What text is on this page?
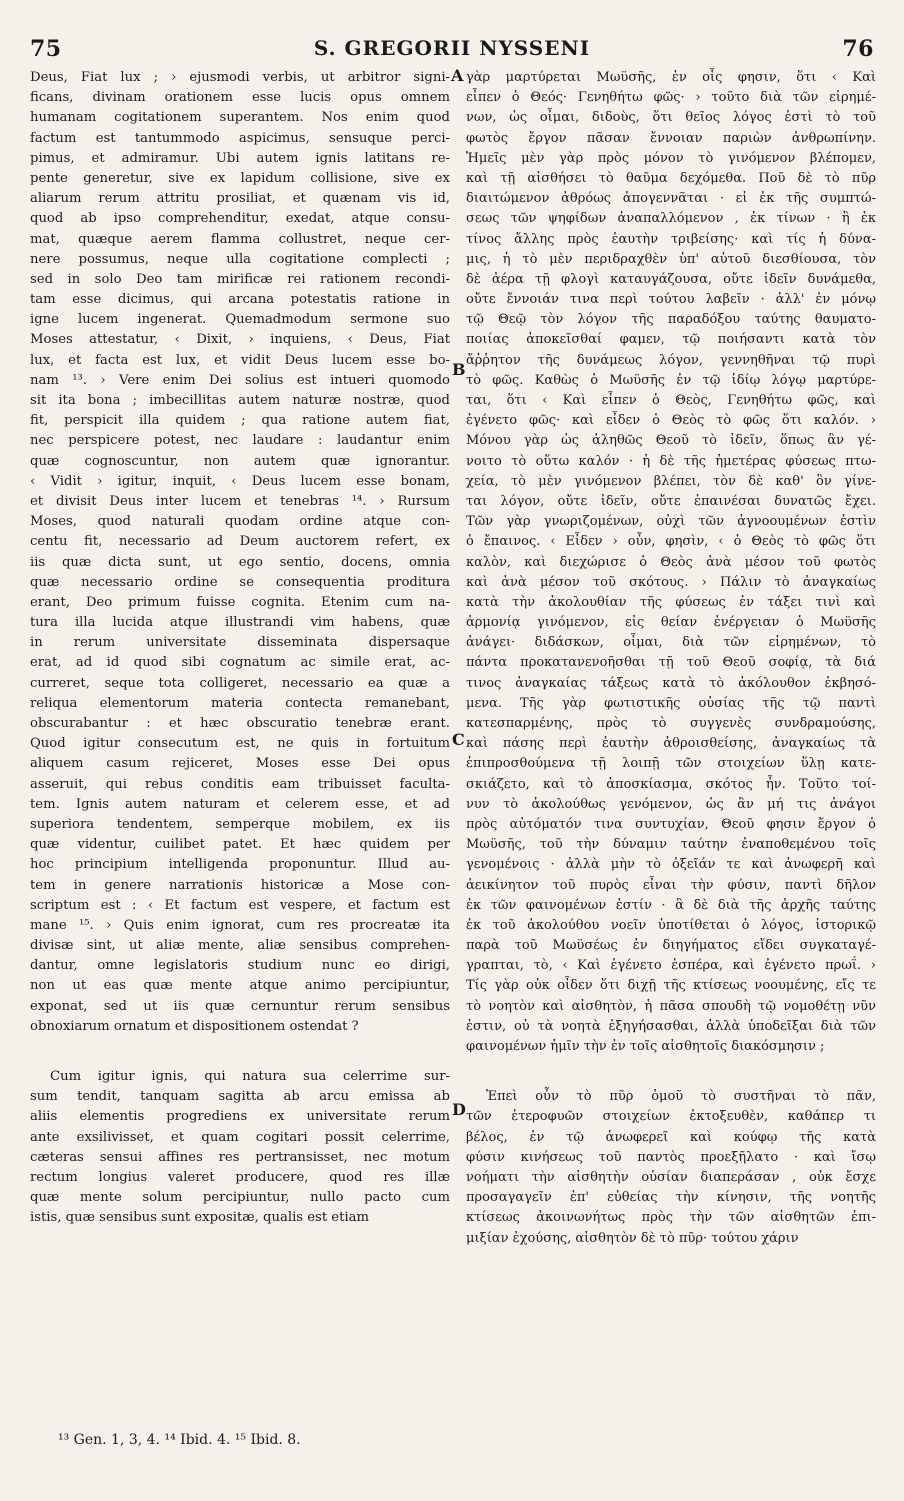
75	S. GREGORII NYSSENI	76
Deus, Fiat lux ; › ejusmodi verbis, ut arbitror signi-
ficans, divinam orationem esse lucis opus omnem
humanam cogitationem superantem. Nos enim quod
factum est tantummodo aspicimus, sensuque perci-
pimus, et admiramur. Ubi autem ignis latitans re-
pente generetur, sive ex lapidum collisione, sive ex
aliarum rerum attritu prosiliat, et quænam vis id,
quod ab ipso comprehenditur, exedat, atque consu-
mat, quæque aerem flamma collustret, neque cer-
nere possumus, neque ulla cogitatione complecti ;
sed in solo Deo tam mirificæ rei rationem recondi-
tam esse dicimus, qui arcana potestatis ratione in
igne lucem ingenerat. Quemadmodum sermone suo
Moses attestatur, ‹ Dixit, › inquiens, ‹ Deus, Fiat
lux, et facta est lux, et vidit Deus lucem esse bo-
nam ¹³. › Vere enim Dei solius est intueri quomodo
sit ita bona ; imbecillitas autem naturæ nostræ, quod
fit, perspicit illa quidem ; qua ratione autem fiat,
nec perspicere potest, nec laudare : laudantur enim
quæ cognoscuntur, non autem quæ ignorantur.
‹ Vidit › igitur, inquit, ‹ Deus lucem esse bonam,
et divisit Deus inter lucem et tenebras ¹⁴. › Rursum
Moses, quod naturali quodam ordine atque con-
centu fit, necessario ad Deum auctorem refert, ex
iis quæ dicta sunt, ut ego sentio, docens, omnia
quæ necessario ordine se consequentia proditura
erant, Deo primum fuisse cognita. Etenim cum na-
tura illa lucida atque illustrandi vim habens, quæ
in rerum universitate disseminata dispersaque
erat, ad id quod sibi cognatum ac simile erat, ac-
curreret, seque tota colligeret, necessario ea quæ a
reliqua elementorum materia contecta remanebant,
obscurabantur : et hæc obscuratio tenebræ erant.
Quod igitur consecutum est, ne quis in fortuitum
aliquem casum rejiceret, Moses esse Dei opus
asseruit, qui rebus conditis eam tribuisset faculta-
tem. Ignis autem naturam et celerem esse, et ad
superiora tendentem, semperque mobilem, ex iis
quæ videntur, cuilibet patet. Et hæc quidem per
hoc principium intelligenda proponuntur. Illud au-
tem in genere narrationis historicæ a Mose con-
scriptum est : ‹ Et factum est vespere, et factum est
mane ¹⁵. › Quis enim ignorat, cum res procreatæ ita
divisæ sint, ut aliæ mente, aliæ sensibus comprehen-
dantur, omne legislatoris studium nunc eo dirigi,
non ut eas quæ mente atque animo percipiuntur,
exponat, sed ut iis quæ cernuntur rerum sensibus
obnoxiarum ornatum et dispositionem ostendat ?
Cum igitur ignis, qui natura sua celerrime sur-
sum tendit, tanquam sagitta ab arcu emissa ab
aliis elementis progrediens ex universitate rerum
ante exsilivisset, et quam cogitari possit celerrime,
cæteras sensui affines res pertransisset, nec motum
rectum longius valeret producere, quod res illæ
quæ mente solum percipiuntur, nullo pacto cum
istis, quæ sensibus sunt expositæ, qualis est etiam
γὰρ μαρτύρεται Μωϋσῆς, ἐν οἷς φησιν, ὅτι ‹ Καὶ
εἶπεν ὁ Θεός· Γενηθήτω φῶς· › τοῦτο διὰ τῶν εἰρημέ-
νων, ὡς οἶμαι, διδοὺς, ὅτι θεῖος λόγος ἐστὶ τὸ τοῦ
φωτὸς ἔργον πᾶσαν ἔννοιαν παριὼν ἀνθρωπίνην.
Ἡμεῖς μὲν γὰρ πρὸς μόνον τὸ γινόμενον βλέπομεν,
καὶ τῇ αἰσθήσει τὸ θαῦμα δεχόμεθα. Ποῦ δὲ τὸ πῦρ
διαιτώμενον ἀθρόως ἀπογεννᾶται · εἰ ἐκ τῆς συμπτώ-
σεως τῶν ψηφίδων ἀναπαλλόμενον , ἐκ τίνων · ἢ ἐκ
τίνος ἄλλης πρὸς ἑαυτὴν τριβείσης· καὶ τίς ἡ δύνα-
μις, ἡ τὸ μὲν περιδραχθὲν ὑπ' αὐτοῦ διεσθίουσα, τὸν
δὲ ἀέρα τῇ φλογὶ καταυγάζουσα, οὔτε ἰδεῖν δυνάμεθα,
οὔτε ἔννοιάν τινα περὶ τούτου λαβεῖν · ἀλλ' ἐν μόνῳ
τῷ Θεῷ τὸν λόγον τῆς παραδόξου ταύτης θαυματο-
ποιίας ἀποκεῖσθαί φαμεν, τῷ ποιήσαντι κατὰ τὸν
ἄῤῥητον τῆς δυνάμεως λόγον, γεννηθῆναι τῷ πυρὶ
τὸ φῶς. Καθὼς ὁ Μωϋσῆς ἐν τῷ ἰδίῳ λόγῳ μαρτύρε-
ται, ὅτι ‹ Καὶ εἶπεν ὁ Θεὸς, Γενηθήτω φῶς, καὶ
ἐγένετο φῶς· καὶ εἶδεν ὁ Θεὸς τὸ φῶς ὅτι καλόν. ›
Μόνου γὰρ ὡς ἀληθῶς Θεοῦ τὸ ἰδεῖν, ὅπως ἂν γέ-
νοιτο τὸ οὕτω καλόν · ἡ δὲ τῆς ἡμετέρας φύσεως πτω-
χεία, τὸ μὲν γινόμενον βλέπει, τὸν δὲ καθ' ὃν γίνε-
ται λόγον, οὔτε ἰδεῖν, οὔτε ἐπαινέσαι δυνατῶς ἔχει.
Τῶν γὰρ γνωριζομένων, οὐχὶ τῶν ἀγνοουμένων ἐστὶν
ὁ ἔπαινος. ‹ Εἶδεν › οὖν, φησὶν, ‹ ὁ Θεὸς τὸ φῶς ὅτι
καλὸν, καὶ διεχώρισε ὁ Θεὸς ἀνὰ μέσον τοῦ φωτὸς
καὶ ἀνὰ μέσον τοῦ σκότους. › Πάλιν τὸ ἀναγκαίως
κατὰ τὴν ἀκολουθίαν τῆς φύσεως ἐν τάξει τινὶ καὶ
ἁρμονίᾳ γινόμενον, εἰς θείαν ἐνέργειαν ὁ Μωϋσῆς
ἀνάγει· διδάσκων, οἶμαι, διὰ τῶν εἰρημένων, τὸ
πάντα προκατανενοῆσθαι τῇ τοῦ Θεοῦ σοφίᾳ, τὰ διά
τινος ἀναγκαίας τάξεως κατὰ τὸ ἀκόλουθον ἐκβησό-
μενα. Τῆς γὰρ φωτιστικῆς οὐσίας τῆς τῷ παντὶ
κατεσπαρμένης, πρὸς τὸ συγγενὲς συνδραμούσης,
καὶ πάσης περὶ ἑαυτὴν ἀθροισθείσης, ἀναγκαίως τὰ
ἐπιπροσθούμενα τῇ λοιπῇ τῶν στοιχείων ὕλῃ κατε-
σκιάζετο, καὶ τὸ ἀποσκίασμα, σκότος ἦν. Τοῦτο τοί-
νυν τὸ ἀκολούθως γενόμενον, ὡς ἂν μή τις ἀνάγοι
πρὸς αὐτόματόν τινα συντυχίαν, Θεοῦ φησιν ἔργον ὁ
Μωϋσῆς, τοῦ τὴν δύναμιν ταύτην ἐναποθεμένου τοῖς
γενομένοις · ἀλλὰ μὴν τὸ ὀξεῖάν τε καὶ ἀνωφερῆ καὶ
ἀεικίνητον τοῦ πυρὸς εἶναι τὴν φύσιν, παντὶ δῆλον
ἐκ τῶν φαινομένων ἐστίν · ἃ δὲ διὰ τῆς ἀρχῆς ταύτης
ἐκ τοῦ ἀκολούθου νοεῖν ὑποτίθεται ὁ λόγος, ἱστορικῷ
παρὰ τοῦ Μωϋσέως ἐν διηγήματος εἴδει συγκαταγέ-
γραπται, τὸ, ‹ Καὶ ἐγένετο ἑσπέρα, καὶ ἐγένετο πρωΐ. ›
Τίς γὰρ οὐκ οἶδεν ὅτι διχῇ τῆς κτίσεως νοουμένης, εἴς τε
τὸ νοητὸν καὶ αἰσθητὸν, ἡ πᾶσα σπουδὴ τῷ νομοθέτῃ νῦν
ἐστιν, οὐ τὰ νοητὰ ἐξηγήσασθαι, ἀλλὰ ὑποδεῖξαι διὰ τῶν
φαινομένων ἡμῖν τὴν ἐν τοῖς αἰσθητοῖς διακόσμησιν ;
Ἐπεὶ οὖν τὸ πῦρ ὁμοῦ τὸ συστῆναι τὸ πᾶν,
τῶν ἑτεροφυῶν στοιχείων ἐκτοξευθὲν, καθάπερ τι
βέλος, ἐν τῷ ἀνωφερεῖ καὶ κούφῳ τῆς κατὰ
φύσιν κινήσεως τοῦ παντὸς προεξῆλατο · καὶ ἴσῳ
νοήματι τὴν αἰσθητὴν οὐσίαν διαπεράσαν , οὐκ ἔσχε
προσαγαγεῖν ἐπ' εὐθείας τὴν κίνησιν, τῆς νοητῆς
κτίσεως ἀκοινωνήτως πρὸς τὴν τῶν αἰσθητῶν ἐπι-
μιξίαν ἐχούσης, αἰσθητὸν δὲ τὸ πῦρ· τούτου χάριν
A
B
C
D
¹³ Gen. 1, 3, 4. ¹⁴ Ibid. 4. ¹⁵ Ibid. 8.
